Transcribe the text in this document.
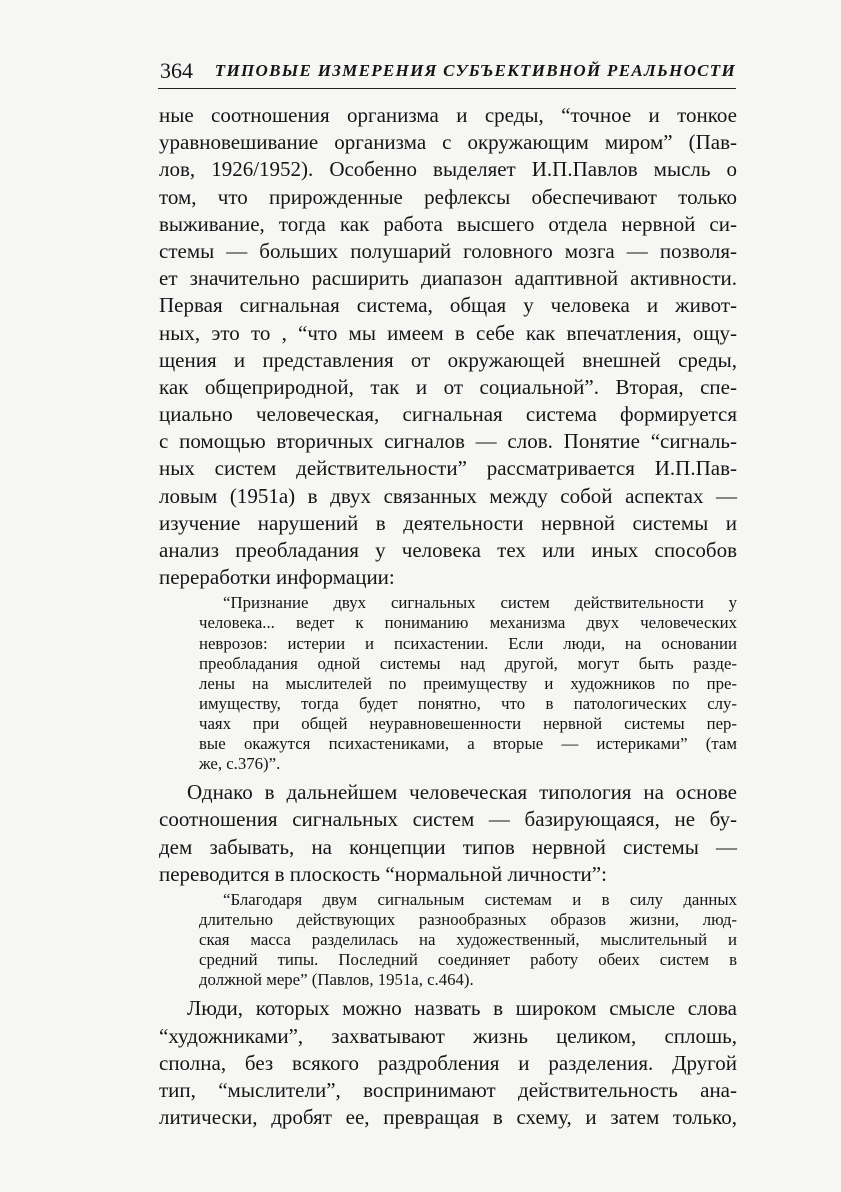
364 ТИПОВЫЕ ИЗМЕРЕНИЯ СУБЪЕКТИВНОЙ РЕАЛЬНОСТИ
ные соотношения организма и среды, “точное и тонкое
уравновешивание организма с окружающим миром” (Пав-
лов, 1926/1952). Особенно выделяет И.П.Павлов мысль о
том, что прирожденные рефлексы обеспечивают только
выживание, тогда как работа высшего отдела нервной си-
стемы — больших полушарий головного мозга — позволя-
ет значительно расширить диапазон адаптивной активности.
Первая сигнальная система, общая у человека и живот-
ных, это то , “что мы имеем в себе как впечатления, ощу-
щения и представления от окружающей внешней среды,
как общеприродной, так и от социальной”. Вторая, спе-
циально человеческая, сигнальная система формируется
с помощью вторичных сигналов — слов. Понятие “сигналь-
ных систем действительности” рассматривается И.П.Пав-
ловым (1951а) в двух связанных между собой аспектах —
изучение нарушений в деятельности нервной системы и
анализ преобладания у человека тех или иных способов
переработки информации:
“Признание двух сигнальных систем действительности у
человека... ведет к пониманию механизма двух человеческих
неврозов: истерии и психастении. Если люди, на основании
преобладания одной системы над другой, могут быть разде-
лены на мыслителей по преимуществу и художников по пре-
имуществу, тогда будет понятно, что в патологических слу-
чаях при общей неуравновешенности нервной системы пер-
вые окажутся психастениками, а вторые — истериками” (там
же, с.376)”.
Однако в дальнейшем человеческая типология на основе
соотношения сигнальных систем — базирующаяся, не бу-
дем забывать, на концепции типов нервной системы —
переводится в плоскость “нормальной личности”:
“Благодаря двум сигнальным системам и в силу данных
длительно действующих разнообразных образов жизни, люд-
ская масса разделилась на художественный, мыслительный и
средний типы. Последний соединяет работу обеих систем в
должной мере” (Павлов, 1951а, с.464).
Люди, которых можно назвать в широком смысле слова
“художниками”, захватывают жизнь целиком, сплошь,
сполна, без всякого раздробления и разделения. Другой
тип, “мыслители”, воспринимают действительность ана-
литически, дробят ее, превращая в схему, и затем только,
